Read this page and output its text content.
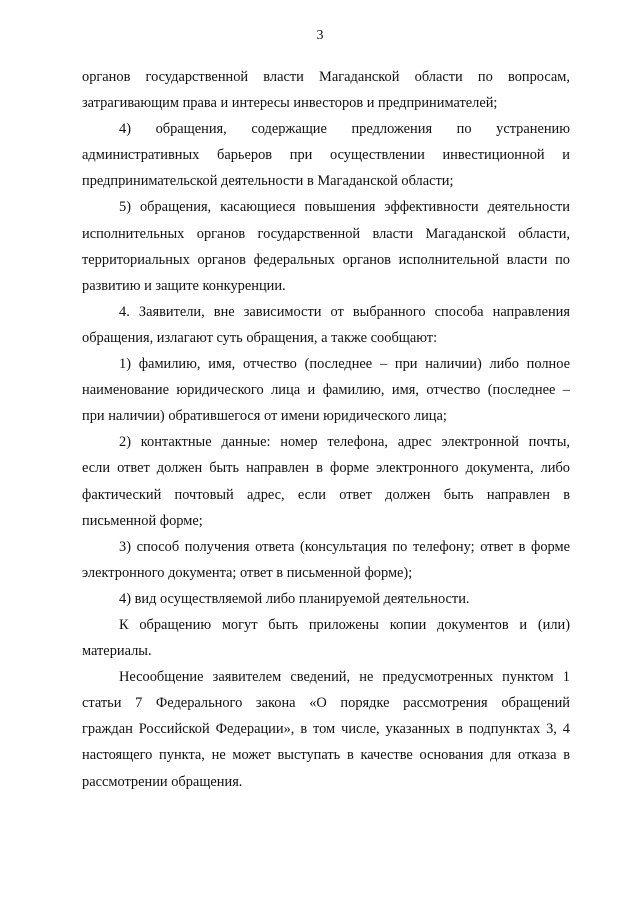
3
органов государственной власти Магаданской области по вопросам,
затрагивающим права и интересы инвесторов и предпринимателей;
4) обращения, содержащие предложения по устранению
административных барьеров при осуществлении инвестиционной и
предпринимательской деятельности в Магаданской области;
5) обращения, касающиеся повышения эффективности деятельности
исполнительных органов государственной власти Магаданской области,
территориальных органов федеральных органов исполнительной власти по
развитию и защите конкуренции.
4. Заявители, вне зависимости от выбранного способа направления
обращения, излагают суть обращения, а также сообщают:
1) фамилию, имя, отчество (последнее – при наличии) либо полное
наименование юридического лица и фамилию, имя, отчество (последнее –
при наличии) обратившегося от имени юридического лица;
2) контактные данные: номер телефона, адрес электронной почты,
если ответ должен быть направлен в форме электронного документа, либо
фактический почтовый адрес, если ответ должен быть направлен в
письменной форме;
3) способ получения ответа (консультация по телефону; ответ в форме
электронного документа; ответ в письменной форме);
4) вид осуществляемой либо планируемой деятельности.
К обращению могут быть приложены копии документов и (или)
материалы.
Несообщение заявителем сведений, не предусмотренных пунктом 1
статьи 7 Федерального закона «О порядке рассмотрения обращений
граждан Российской Федерации», в том числе, указанных в подпунктах 3, 4
настоящего пункта, не может выступать в качестве основания для отказа в
рассмотрении обращения.
